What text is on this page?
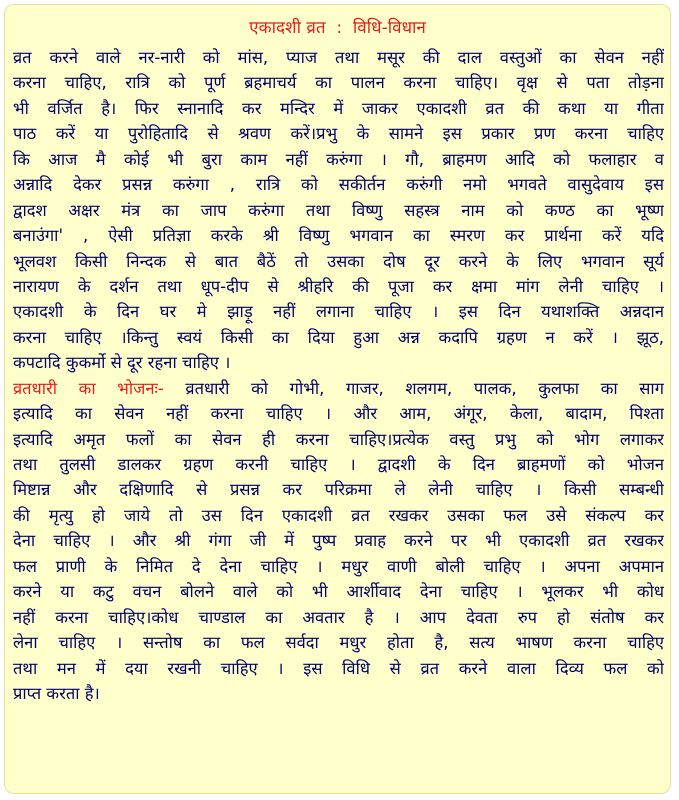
एकादशी व्रत  :  विधि-विधान
व्रत करने वाले नर-नारी को मांस, प्याज तथा मसूर की दाल वस्तुओं का सेवन नहीं
करना चाहिए, रात्रि को पूर्ण ब्रहमाचर्य का पालन करना चाहिए। वृक्ष से पता तोड़ना
भी वर्जित है। फिर स्नानादि कर मन्दिर में जाकर एकादशी व्रत की कथा या गीता
पाठ करें या पुरोहितादि से श्रवण करें।प्रभु के सामने इस प्रकार प्रण करना चाहिए
कि आज मै कोई भी बुरा काम नहीं करुंगा । गौ, ब्राहमण आदि को फलाहार व
अन्नादि देकर प्रसन्न करुंगा , रात्रि को सकीर्तन करुंगी नमो भगवते वासुदेवाय इस
द्वादश अक्षर मंत्र का जाप करुंगा तथा विष्णु सहस्त्र नाम को कण्ठ का भूष्ण
बनाउंगा' , ऐसी प्रतिज्ञा करके श्री विष्णु भगवान का स्मरण कर प्रार्थना करें यदि
भूलवश किसी निन्दक से बात बैठें तो उसका दोष दूर करने के लिए भगवान सूर्य
नारायण के दर्शन तथा धूप-दीप से श्रीहरि की पूजा कर क्षमा मांग लेनी चाहिए ।
एकादशी के दिन घर मे झाड़ू नहीं लगाना चाहिए । इस दिन यथाशक्ति अन्नदान
करना चाहिए ।किन्तु स्वयं किसी का दिया हुआ अन्न कदापि ग्रहण न करें । झूठ,
कपटादि कुकर्मो से दूर रहना चाहिए ।
व्रतधारी का भोजनः- व्रतधारी को गोभी, गाजर, शलगम, पालक, कुलफा का साग
इत्यादि का सेवन नहीं करना चाहिए । और आम, अंगूर, केला, बादाम, पिश्ता
इत्यादि अमृत फलों का सेवन ही करना चाहिए।प्रत्येक वस्तु प्रभु को भोग लगाकर
तथा तुलसी डालकर ग्रहण करनी चाहिए । द्वादशी के दिन ब्राहमणों को भोजन
मिष्टान्न और दक्षिणादि से प्रसन्न कर परिक्रमा ले लेनी चाहिए । किसी सम्बन्धी
की मृत्यु हो जाये तो उस दिन एकादशी व्रत रखकर उसका फल उसे संकल्प कर
देना चाहिए । और श्री गंगा जी में पुष्प प्रवाह करने पर भी एकादशी व्रत रखकर
फल प्राणी के निमित दे देना चाहिए । मधुर वाणी बोली चाहिए । अपना अपमान
करने या कटु वचन बोलने वाले को भी आर्शीवाद देना चाहिए । भूलकर भी कोध
नहीं करना चाहिए।कोध चाण्डाल का अवतार है । आप देवता रुप हो संतोष कर
लेना चाहिए । सन्तोष का फल सर्वदा मधुर होता है, सत्य भाषण करना चाहिए
तथा मन में दया रखनी चाहिए । इस विधि से व्रत करने वाला दिव्य फल को
प्राप्त करता है।
